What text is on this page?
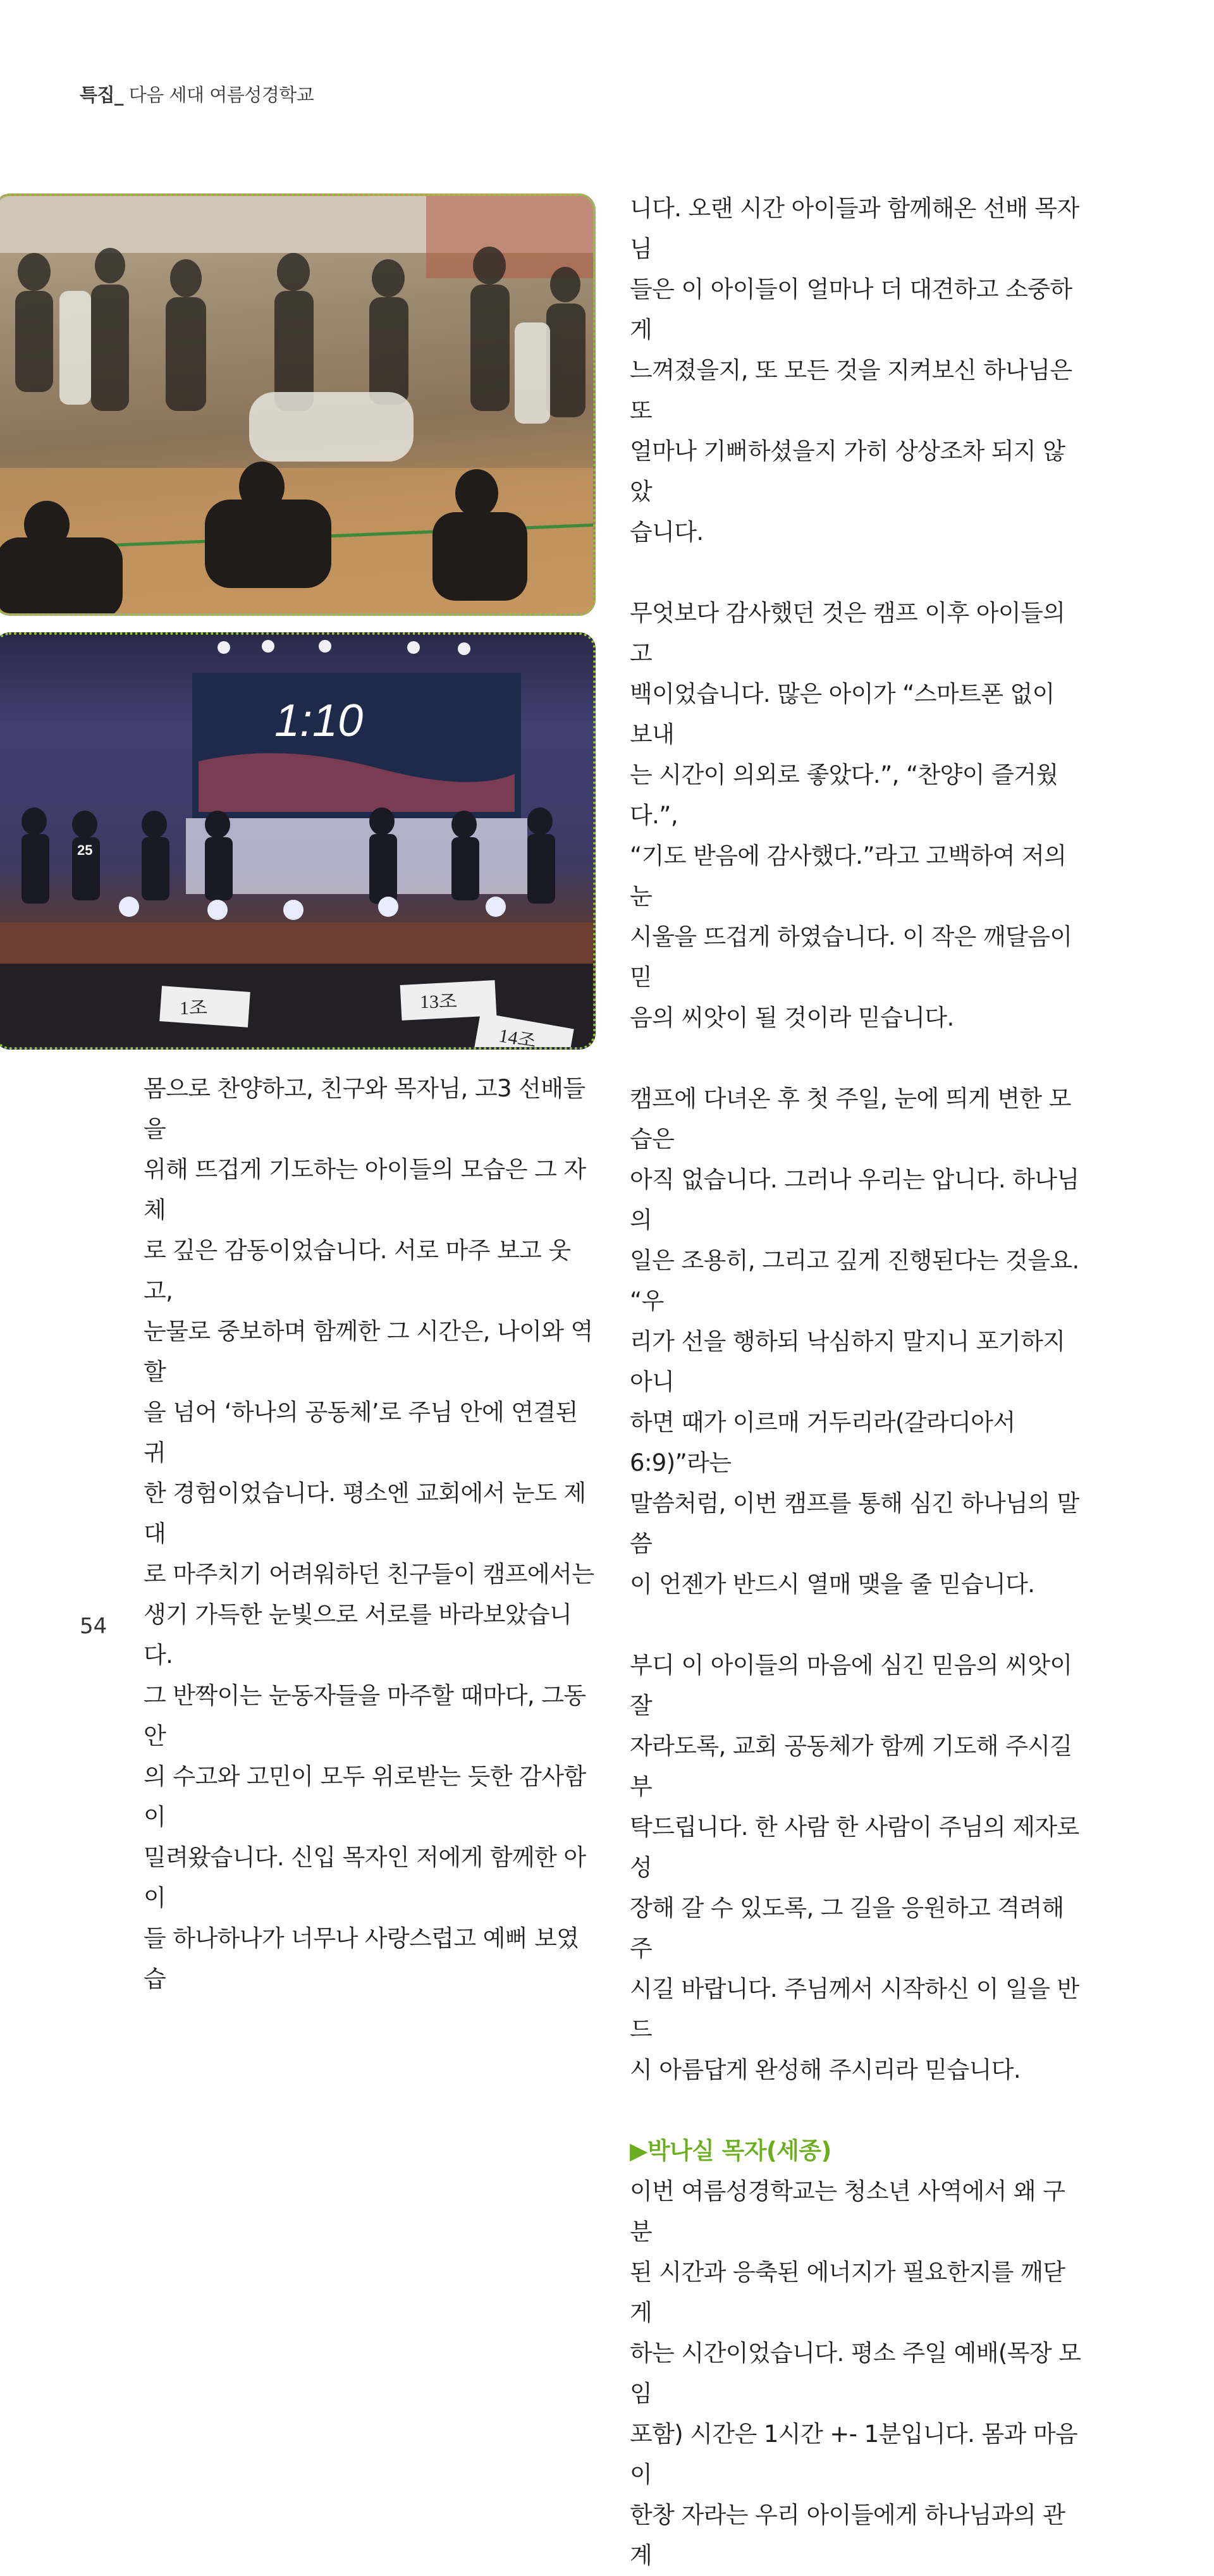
특집_ 다음 세대 여름성경학교
1:10
25
1조	13조
14조

몸으로 찬양하고, 친구와 목자님, 고3 선배들을

위해 뜨겁게 기도하는 아이들의 모습은 그 자체

로 깊은 감동이었습니다. 서로 마주 보고 웃고,

눈물로 중보하며 함께한 그 시간은, 나이와 역할

을 넘어 ‘하나의 공동체’로 주님 안에 연결된 귀

한 경험이었습니다. 평소엔 교회에서 눈도 제대

로 마주치기 어려워하던 친구들이 캠프에서는

생기 가득한 눈빛으로 서로를 바라보았습니다.

그 반짝이는 눈동자들을 마주할 때마다, 그동안

의 수고와 고민이 모두 위로받는 듯한 감사함이

밀려왔습니다. 신입 목자인 저에게 함께한 아이

들 하나하나가 너무나 사랑스럽고 예뻐 보였습

니다. 오랜 시간 아이들과 함께해온 선배 목자님

들은 이 아이들이 얼마나 더 대견하고 소중하게

느껴졌을지, 또 모든 것을 지켜보신 하나님은 또

얼마나 기뻐하셨을지 가히 상상조차 되지 않았

습니다.

무엇보다 감사했던 것은 캠프 이후 아이들의 고

백이었습니다. 많은 아이가 “스마트폰 없이 보내

는 시간이 의외로 좋았다.”, “찬양이 즐거웠다.”,

“기도 받음에 감사했다.”라고 고백하여 저의 눈

시울을 뜨겁게 하였습니다. 이 작은 깨달음이 믿

음의 씨앗이 될 것이라 믿습니다.

캠프에 다녀온 후 첫 주일, 눈에 띄게 변한 모습은

아직 없습니다. 그러나 우리는 압니다. 하나님의

일은 조용히, 그리고 깊게 진행된다는 것을요. “우

리가 선을 행하되 낙심하지 말지니 포기하지 아니

하면 때가 이르매 거두리라(갈라디아서 6:9)”라는

말씀처럼, 이번 캠프를 통해 심긴 하나님의 말씀

이 언젠가 반드시 열매 맺을 줄 믿습니다.

부디 이 아이들의 마음에 심긴 믿음의 씨앗이 잘

자라도록, 교회 공동체가 함께 기도해 주시길 부

탁드립니다. 한 사람 한 사람이 주님의 제자로 성

장해 갈 수 있도록, 그 길을 응원하고 격려해 주

시길 바랍니다. 주님께서 시작하신 이 일을 반드

시 아름답게 완성해 주시리라 믿습니다.

▶박나실 목자(세종)

이번 여름성경학교는 청소년 사역에서 왜 구분

된 시간과 응축된 에너지가 필요한지를 깨닫게

하는 시간이었습니다. 평소 주일 예배(목장 모임

포함) 시간은 1시간 +- 1분입니다. 몸과 마음이

한창 자라는 우리 아이들에게 하나님과의 관계

54
